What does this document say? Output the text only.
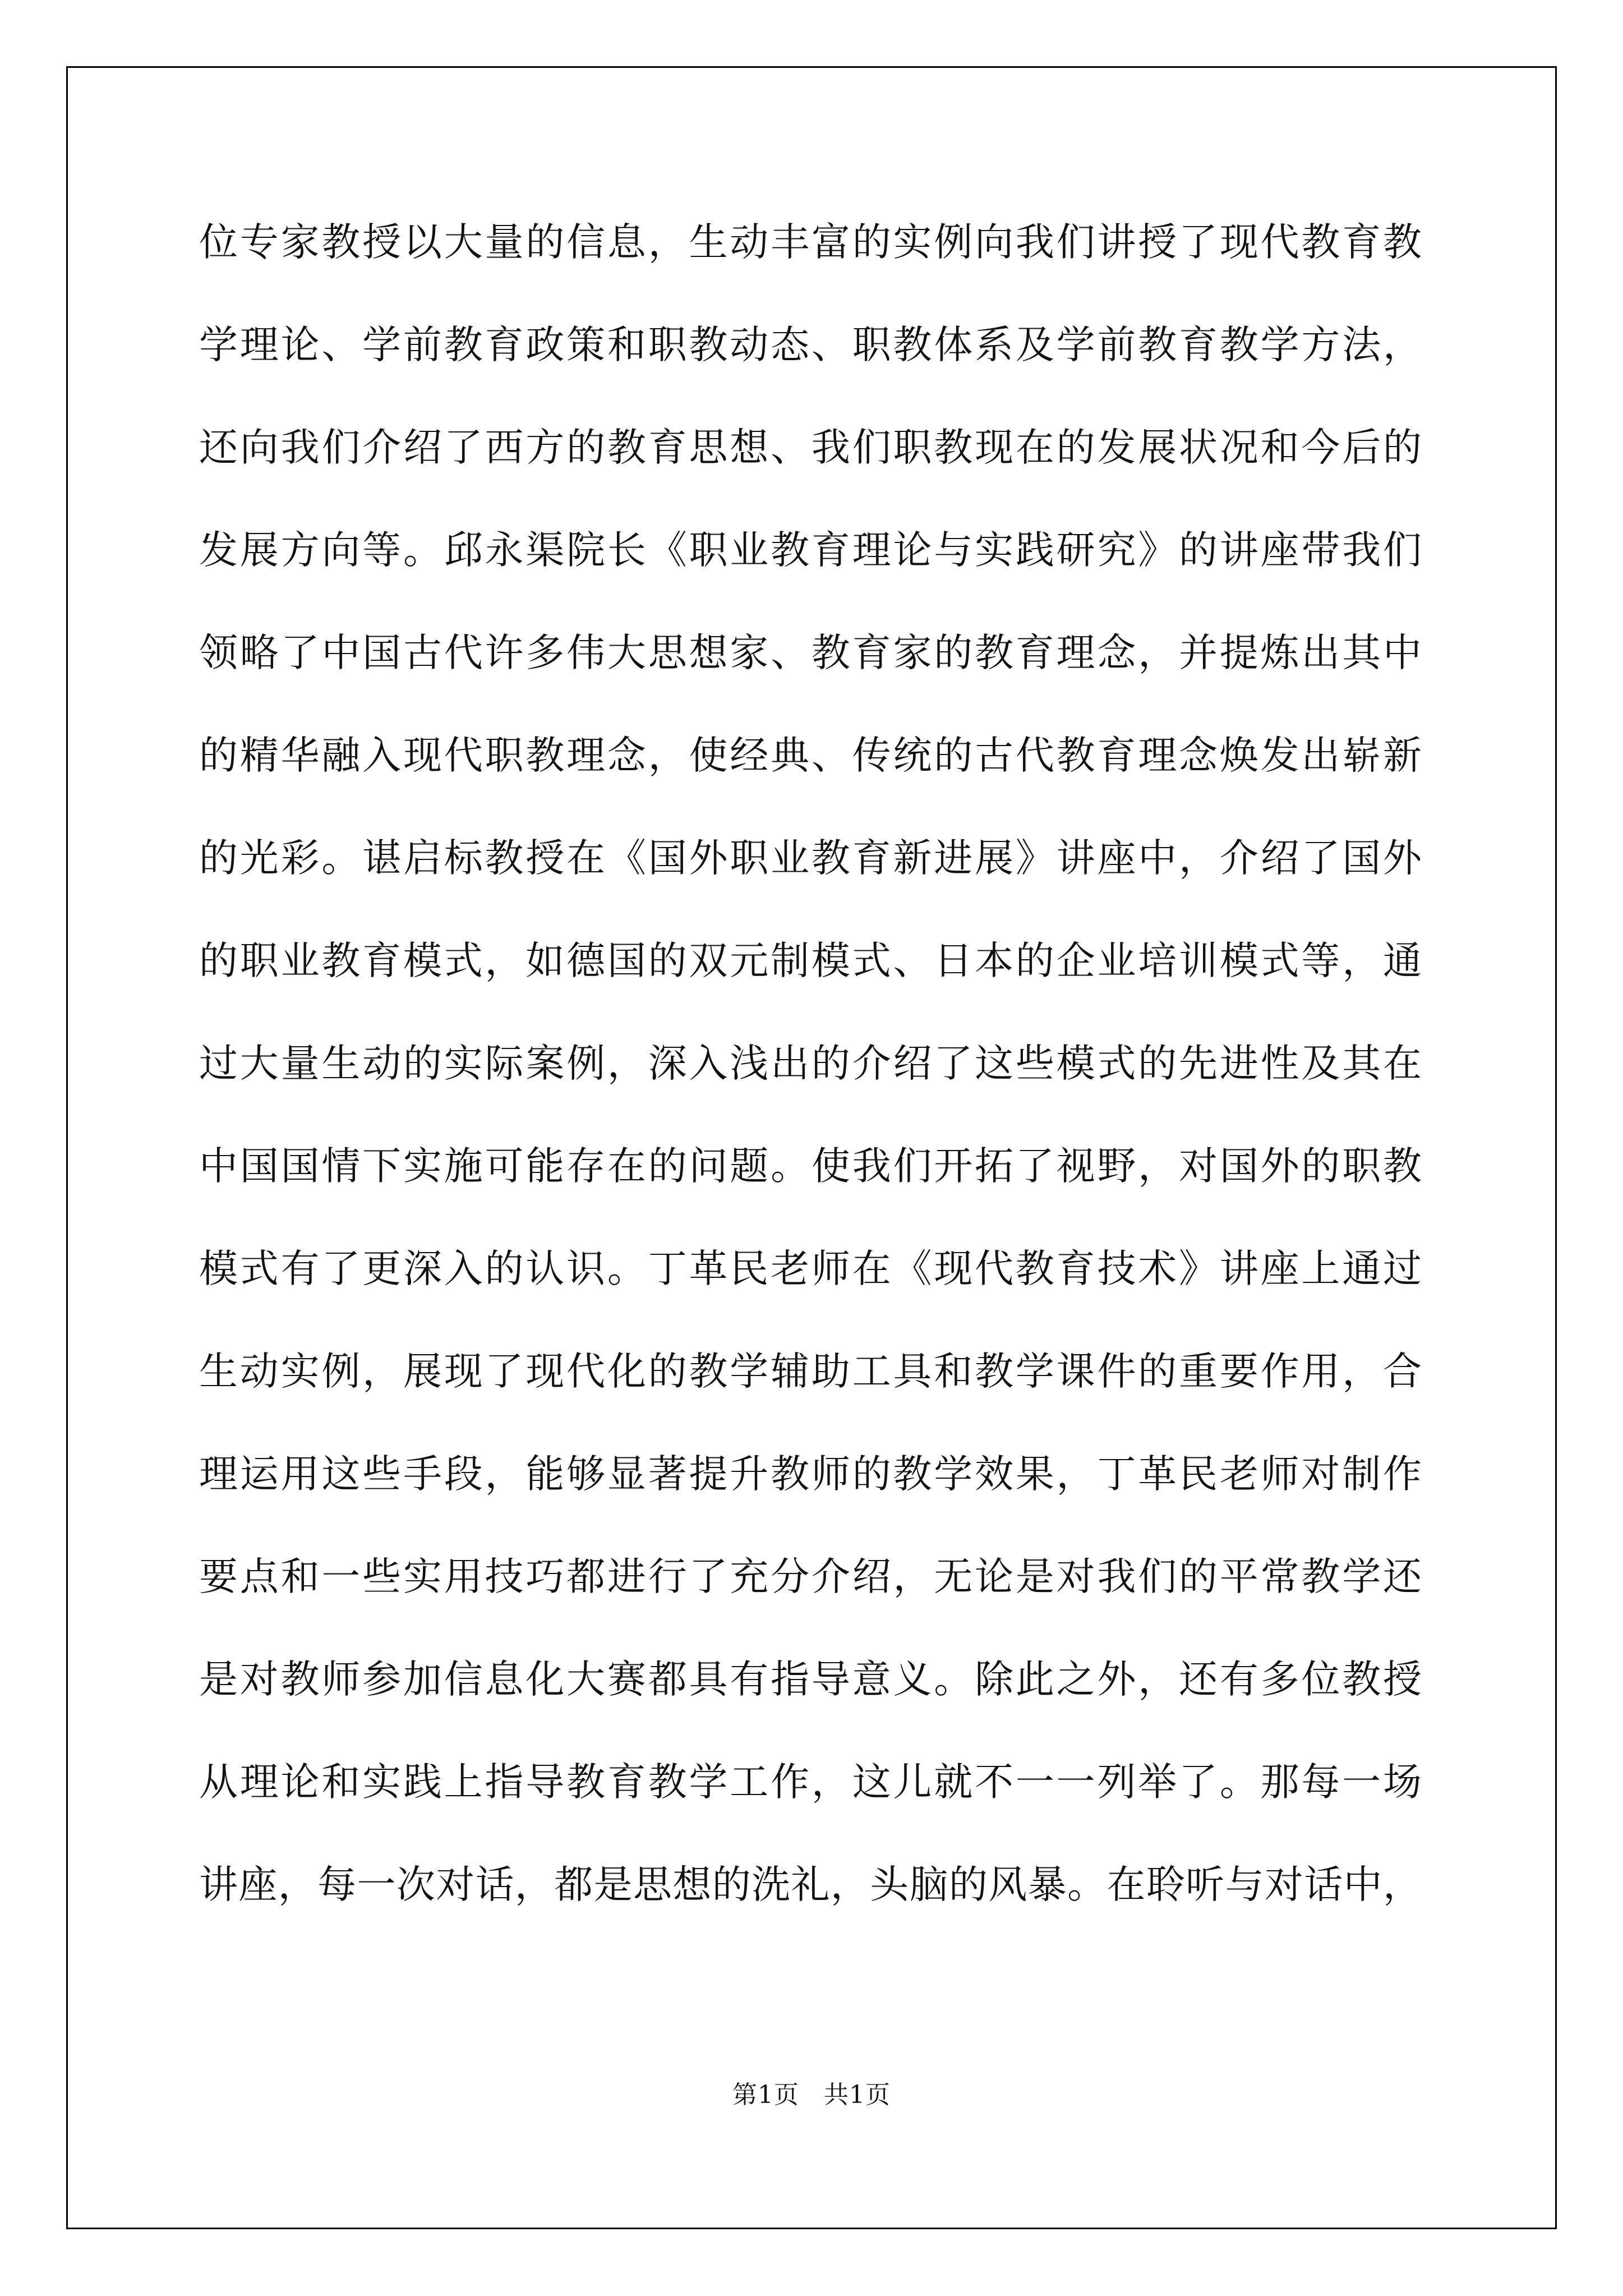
位专家教授以大量的信息，生动丰富的实例向我们讲授了现代教育教
学理论、学前教育政策和职教动态、职教体系及学前教育教学方法，
还向我们介绍了西方的教育思想、我们职教现在的发展状况和今后的
发展方向等。邱永渠院长《职业教育理论与实践研究》的讲座带我们
领略了中国古代许多伟大思想家、教育家的教育理念，并提炼出其中
的精华融入现代职教理念，使经典、传统的古代教育理念焕发出崭新
的光彩。谌启标教授在《国外职业教育新进展》讲座中，介绍了国外
的职业教育模式，如德国的双元制模式、日本的企业培训模式等，通
过大量生动的实际案例，深入浅出的介绍了这些模式的先进性及其在
中国国情下实施可能存在的问题。使我们开拓了视野，对国外的职教
模式有了更深入的认识。丁革民老师在《现代教育技术》讲座上通过
生动实例，展现了现代化的教学辅助工具和教学课件的重要作用，合
理运用这些手段，能够显著提升教师的教学效果，丁革民老师对制作
要点和一些实用技巧都进行了充分介绍，无论是对我们的平常教学还
是对教师参加信息化大赛都具有指导意义。除此之外，还有多位教授
从理论和实践上指导教育教学工作，这儿就不一一列举了。那每一场
讲座，每一次对话，都是思想的洗礼，头脑的风暴。在聆听与对话中，
第1页 共1页
